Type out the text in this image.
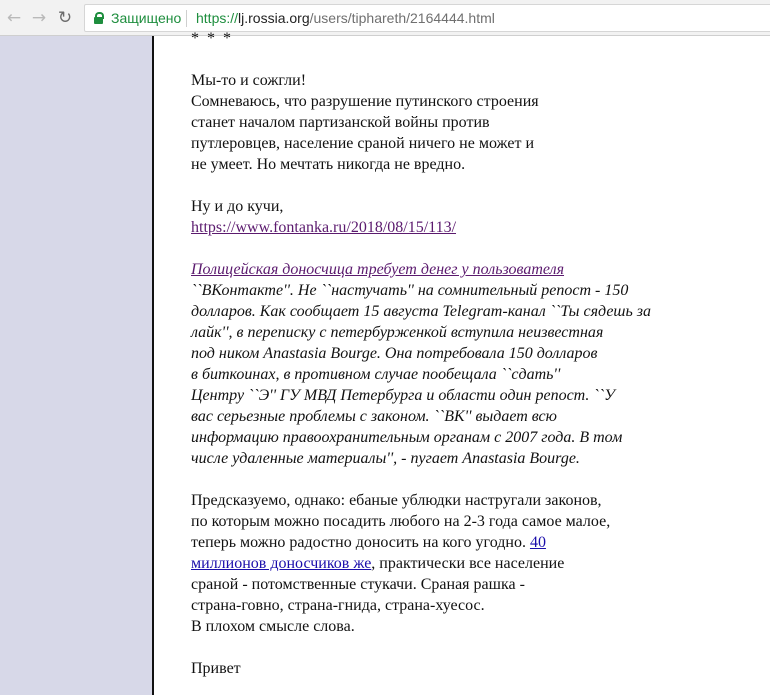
← → ↻	Защищено https://lj.rossia.org/users/tiphareth/2164444.html

* * *

Мы-то и сожгли!

Сомневаюсь, что разрушение путинского строения

станет началом партизанской войны против

путлеровцев, население сраной ничего не может и

не умеет. Но мечтать никогда не вредно.

Ну и до кучи,

https://www.fontanka.ru/2018/08/15/113/

Полицейская доносчица требует денег у пользователя

``ВКонтакте''. Не ``настучать'' на сомнительный репост - 150

долларов. Как сообщает 15 августа Telegram-канал ``Ты сядешь за

лайк'', в переписку с петербурженкой вступила неизвестная

под ником Anastasia Bourge. Она потребовала 150 долларов

в биткоинах, в противном случае пообещала ``сдать''

Центру ``Э'' ГУ МВД Петербурга и области один репост. ``У

вас серьезные проблемы с законом. ``ВК'' выдает всю

информацию правоохранительным органам с 2007 года. В том

числе удаленные материалы'', - пугает Anastasia Bourge.

Предсказуемо, однако: ебаные ублюдки настругали законов,

по которым можно посадить любого на 2-3 года самое малое,

теперь можно радостно доносить на кого угодно. 40

миллионов доносчиков же, практически все население

сраной - потомственные стукачи. Сраная рашка -

страна-говно, страна-гнида, страна-хуесос.

В плохом смысле слова.

Привет
